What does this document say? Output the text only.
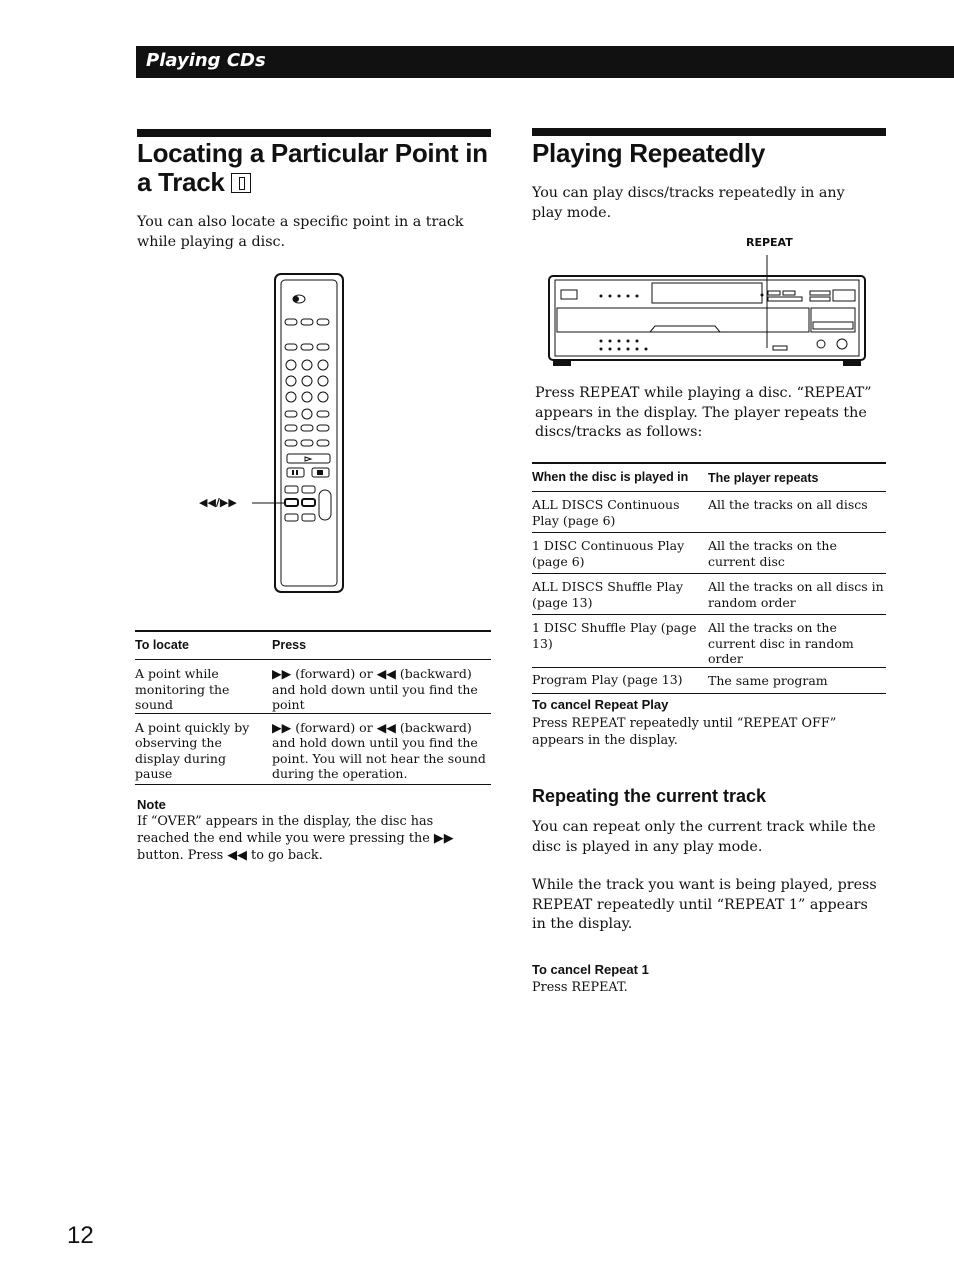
Playing CDs
Locating a Particular Point in a Track

You can also locate a specific point in a track while playing a disc.

◀◀/▶▶
To locate	Press

A point while monitoring the sound	▶▶ (forward) or ◀◀ (backward) and hold down until you find the point

A point quickly by observing the display during pause	▶▶ (forward) or ◀◀ (backward) and hold down until you find the point. You will not hear the sound during the operation.

Note

If “OVER” appears in the display, the disc has reached the end while you were pressing the ▶▶ button. Press ◀◀ to go back.

Playing Repeatedly

You can play discs/tracks repeatedly in any play mode.

REPEAT

Press REPEAT while playing a disc. “REPEAT” appears in the display. The player repeats the discs/tracks as follows:

When the disc is played in	The player repeats

ALL DISCS Continuous Play (page 6)	All the tracks on all discs

1 DISC Continuous Play (page 6)	All the tracks on the current disc

ALL DISCS Shuffle Play (page 13)	All the tracks on all discs in random order

1 DISC Shuffle Play (page 13)	All the tracks on the current disc in random order

Program Play (page 13)	The same program

To cancel Repeat Play

Press REPEAT repeatedly until “REPEAT OFF” appears in the display.

Repeating the current track

You can repeat only the current track while the disc is played in any play mode.

While the track you want is being played, press REPEAT repeatedly until “REPEAT 1” appears in the display.

To cancel Repeat 1

Press REPEAT.

12
